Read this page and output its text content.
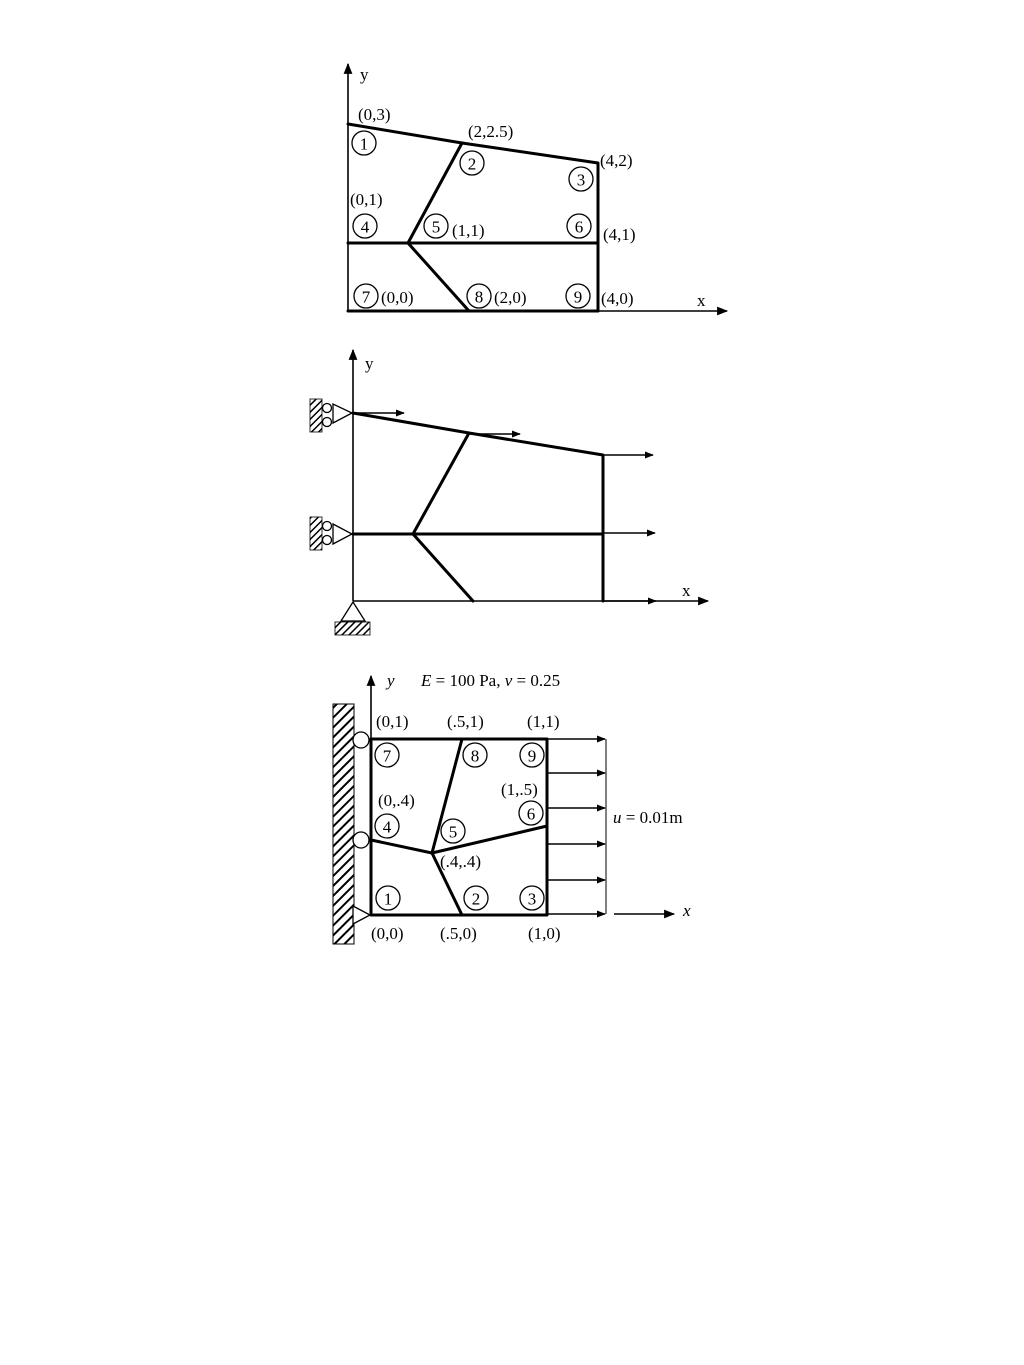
y
x
(0,3)
(2,2.5)
(4,2)
(0,1)
(1,1)	(4,1)
(0,0)	(2,0)	(4,0)
1
2
3
4	5	6
7	8	9
y
x
y E = 100 Pa, ν = 0.25
u = 0.01m
x
(0,1) (.5,1)	(1,1)
(0,.4)
(1,.5)
(.4,.4)
(0,0) (.5,0)	(1,0)
7	8	9
4
6
5
1	2	3
